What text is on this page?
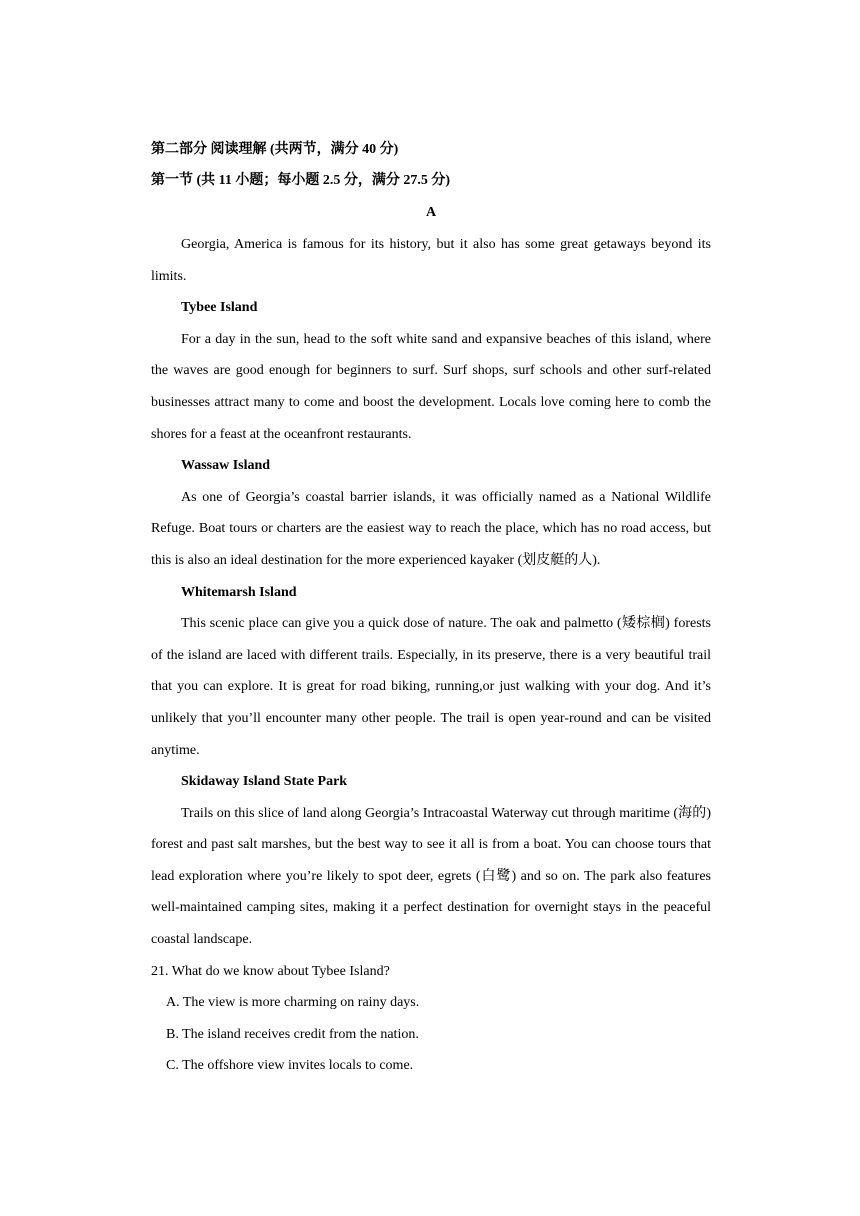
第二部分 阅读理解 (共两节，满分 40 分)
第一节 (共 11 小题；每小题 2.5 分，满分 27.5 分)
A

Georgia, America is famous for its history, but it also has some great getaways beyond its limits.

Tybee Island

For a day in the sun, head to the soft white sand and expansive beaches of this island, where the waves are good enough for beginners to surf. Surf shops, surf schools and other surf-related businesses attract many to come and boost the development. Locals love coming here to comb the shores for a feast at the oceanfront restaurants.

Wassaw Island

As one of Georgia’s coastal barrier islands, it was officially named as a National Wildlife Refuge. Boat tours or charters are the easiest way to reach the place, which has no road access, but this is also an ideal destination for the more experienced kayaker (划皮艇的人).

Whitemarsh Island

This scenic place can give you a quick dose of nature. The oak and palmetto (矮棕榈) forests of the island are laced with different trails. Especially, in its preserve, there is a very beautiful trail that you can explore. It is great for road biking, running,or just walking with your dog. And it’s unlikely that you’ll encounter many other people. The trail is open year-round and can be visited anytime.

Skidaway Island State Park

Trails on this slice of land along Georgia’s Intracoastal Waterway cut through maritime (海的) forest and past salt marshes, but the best way to see it all is from a boat. You can choose tours that lead exploration where you’re likely to spot deer, egrets (白鹭) and so on. The park also features well-maintained camping sites, making it a perfect destination for overnight stays in the peaceful coastal landscape.

21. What do we know about Tybee Island?
A. The view is more charming on rainy days.
B. The island receives credit from the nation.
C. The offshore view invites locals to come.
